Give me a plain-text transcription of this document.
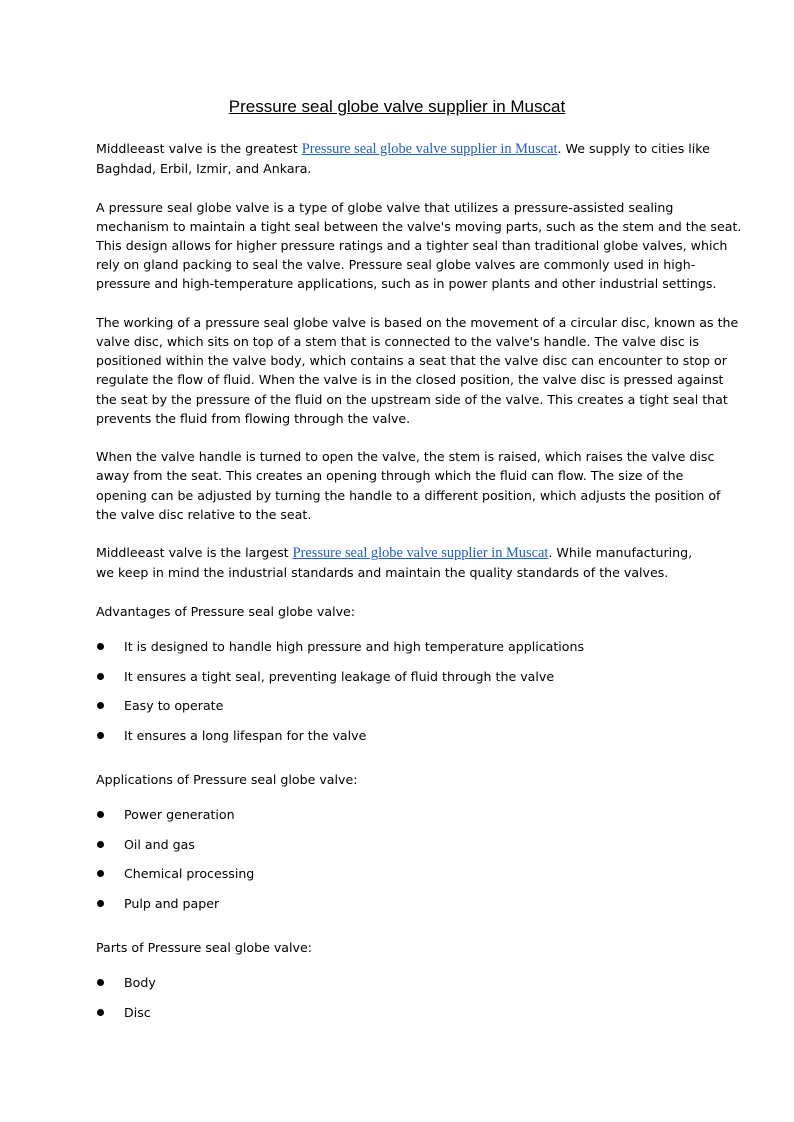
Pressure seal globe valve supplier in Muscat

Middleeast valve is the greatest Pressure seal globe valve supplier in Muscat. We supply to cities like
Baghdad, Erbil, Izmir, and Ankara.

A pressure seal globe valve is a type of globe valve that utilizes a pressure-assisted sealing
mechanism to maintain a tight seal between the valve's moving parts, such as the stem and the seat.
This design allows for higher pressure ratings and a tighter seal than traditional globe valves, which
rely on gland packing to seal the valve. Pressure seal globe valves are commonly used in high-
pressure and high-temperature applications, such as in power plants and other industrial settings.

The working of a pressure seal globe valve is based on the movement of a circular disc, known as the
valve disc, which sits on top of a stem that is connected to the valve's handle. The valve disc is
positioned within the valve body, which contains a seat that the valve disc can encounter to stop or
regulate the flow of fluid. When the valve is in the closed position, the valve disc is pressed against
the seat by the pressure of the fluid on the upstream side of the valve. This creates a tight seal that
prevents the fluid from flowing through the valve.

When the valve handle is turned to open the valve, the stem is raised, which raises the valve disc
away from the seat. This creates an opening through which the fluid can flow. The size of the
opening can be adjusted by turning the handle to a different position, which adjusts the position of
the valve disc relative to the seat.

Middleeast valve is the largest Pressure seal globe valve supplier in Muscat. While manufacturing,
we keep in mind the industrial standards and maintain the quality standards of the valves.

Advantages of Pressure seal globe valve:

It is designed to handle high pressure and high temperature applications
It ensures a tight seal, preventing leakage of fluid through the valve
Easy to operate
It ensures a long lifespan for the valve

Applications of Pressure seal globe valve:

Power generation
Oil and gas
Chemical processing
Pulp and paper

Parts of Pressure seal globe valve:

Body
Disc
